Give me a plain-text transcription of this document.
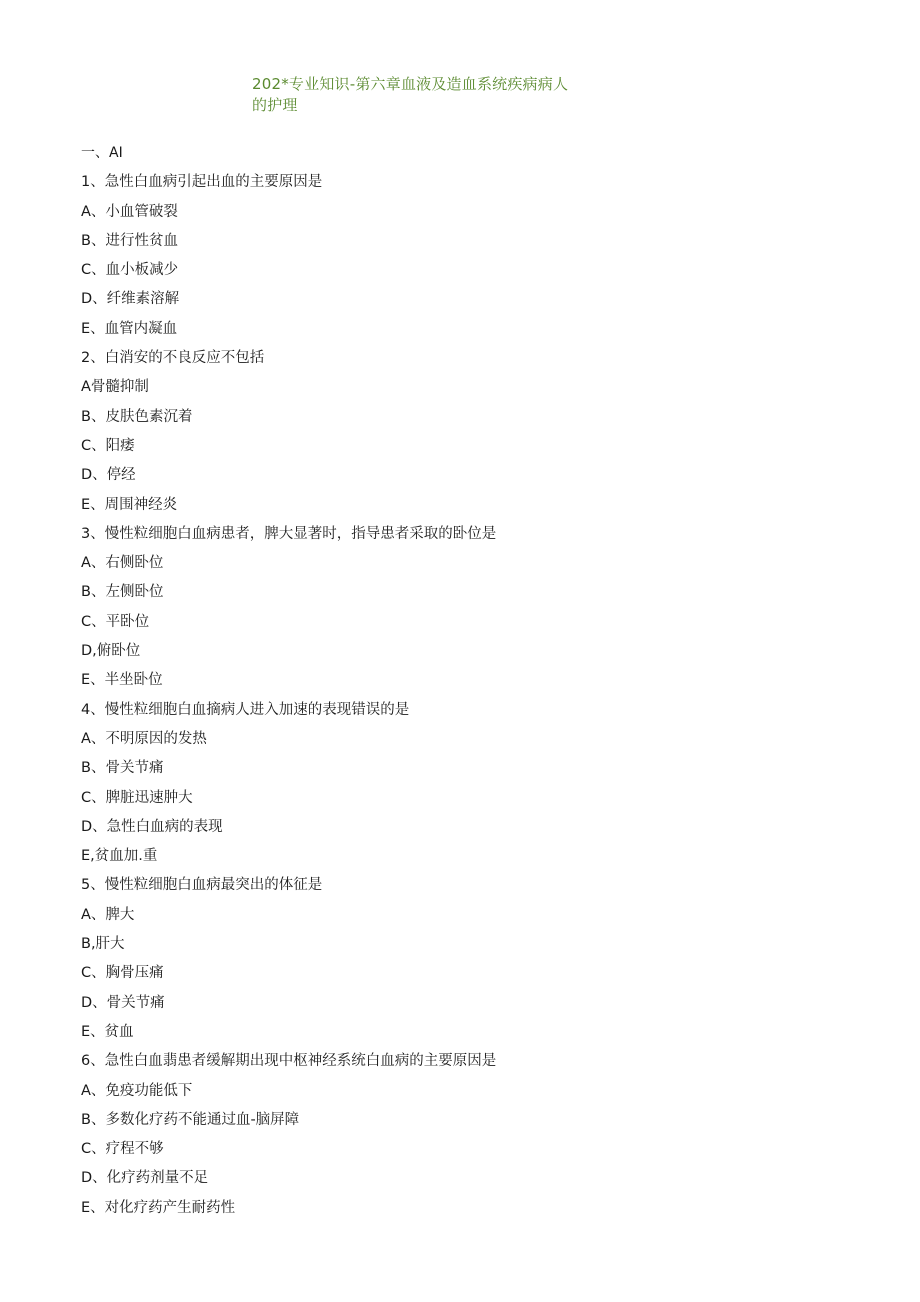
202*专业知识-第六章血液及造血系统疾病病人
的护理
一、AI
1、急性白血病引起出血的主要原因是
A、小血管破裂
B、进行性贫血
C、血小板减少
D、纤维素溶解
E、血管内凝血
2、白消安的不良反应不包括
A骨髓抑制
B、皮肤色素沉着
C、阳痿
D、停经
E、周围神经炎
3、慢性粒细胞白血病患者，脾大显著时，指导患者采取的卧位是
A、右侧卧位
B、左侧卧位
C、平卧位
D,俯卧位
E、半坐卧位
4、慢性粒细胞白血摘病人进入加速的表现错误的是
A、不明原因的发热
B、骨关节痛
C、脾脏迅速肿大
D、急性白血病的表现
E,贫血加.重
5、慢性粒细胞白血病最突出的体征是
A、脾大
B,肝大
C、胸骨压痛
D、骨关节痛
E、贫血
6、急性白血翡患者缓解期出现中枢神经系统白血病的主要原因是
A、免疫功能低下
B、多数化疗药不能通过血-脑屏障
C、疗程不够
D、化疗药剂量不足
E、对化疗药产生耐药性
